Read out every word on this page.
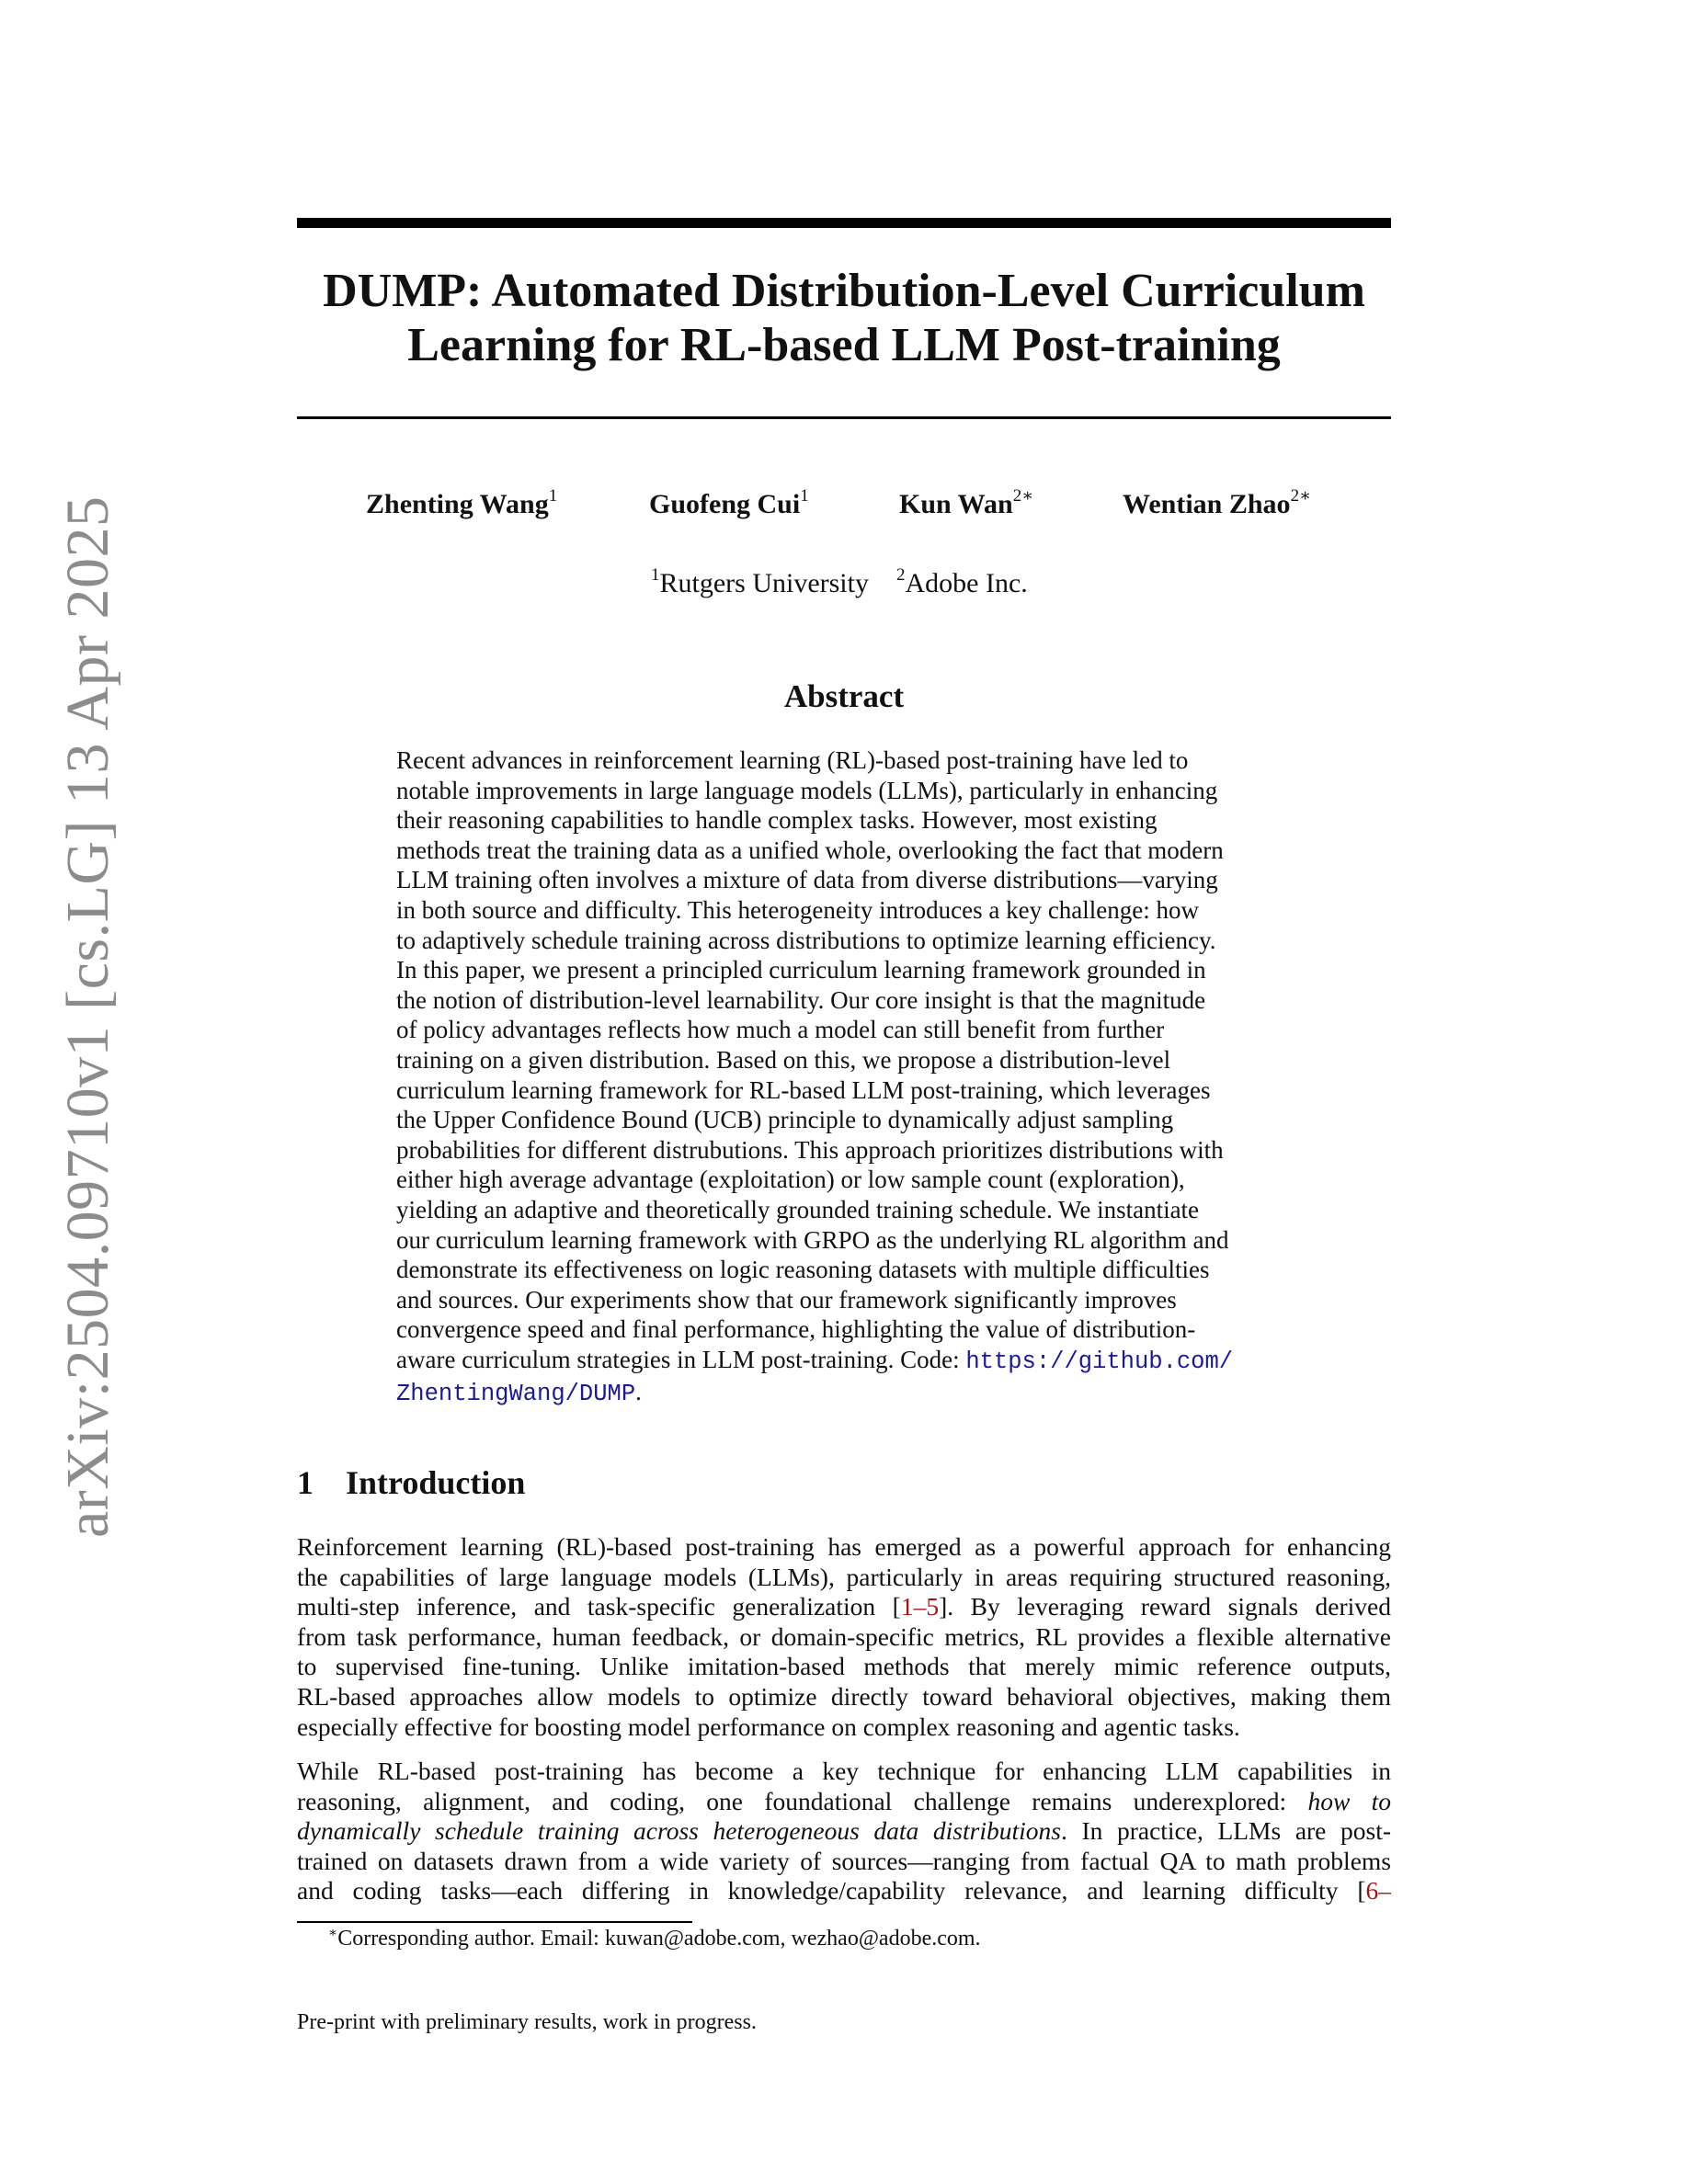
arXiv:2504.09710v1 [cs.LG] 13 Apr 2025
DUMP: Automated Distribution-Level Curriculum
Learning for RL-based LLM Post-training
Zhenting Wang$^1$	Guofeng Cui$^1$	Kun Wan$^{2∗}$	Wentian Zhao$^{2∗}$
$^1$Rutgers University $^2$Adobe Inc.
Abstract
Recent advances in reinforcement learning (RL)-based post-training have led to
notable improvements in large language models (LLMs), particularly in enhancing
their reasoning capabilities to handle complex tasks. However, most existing
methods treat the training data as a unified whole, overlooking the fact that modern
LLM training often involves a mixture of data from diverse distributions—varying
in both source and difficulty. This heterogeneity introduces a key challenge: how
to adaptively schedule training across distributions to optimize learning efficiency.
In this paper, we present a principled curriculum learning framework grounded in
the notion of distribution-level learnability. Our core insight is that the magnitude
of policy advantages reflects how much a model can still benefit from further
training on a given distribution. Based on this, we propose a distribution-level
curriculum learning framework for RL-based LLM post-training, which leverages
the Upper Confidence Bound (UCB) principle to dynamically adjust sampling
probabilities for different distrubutions. This approach prioritizes distributions with
either high average advantage (exploitation) or low sample count (exploration),
yielding an adaptive and theoretically grounded training schedule. We instantiate
our curriculum learning framework with GRPO as the underlying RL algorithm and
demonstrate its effectiveness on logic reasoning datasets with multiple difficulties
and sources. Our experiments show that our framework significantly improves
convergence speed and final performance, highlighting the value of distribution-
aware curriculum strategies in LLM post-training. Code: https://github.com/
ZhentingWang/DUMP.
1 Introduction
Reinforcement learning (RL)-based post-training has emerged as a powerful approach for enhancing
the capabilities of large language models (LLMs), particularly in areas requiring structured reasoning,
multi-step inference, and task-specific generalization [1–5]. By leveraging reward signals derived
from task performance, human feedback, or domain-specific metrics, RL provides a flexible alternative
to supervised fine-tuning. Unlike imitation-based methods that merely mimic reference outputs,
RL-based approaches allow models to optimize directly toward behavioral objectives, making them
especially effective for boosting model performance on complex reasoning and agentic tasks.
While RL-based post-training has become a key technique for enhancing LLM capabilities in
reasoning, alignment, and coding, one foundational challenge remains underexplored: how to
dynamically schedule training across heterogeneous data distributions. In practice, LLMs are post-
trained on datasets drawn from a wide variety of sources—ranging from factual QA to math problems
and coding tasks—each differing in knowledge/capability relevance, and learning difficulty [6–
∗Corresponding author. Email: kuwan@adobe.com, wezhao@adobe.com.
Pre-print with preliminary results, work in progress.
